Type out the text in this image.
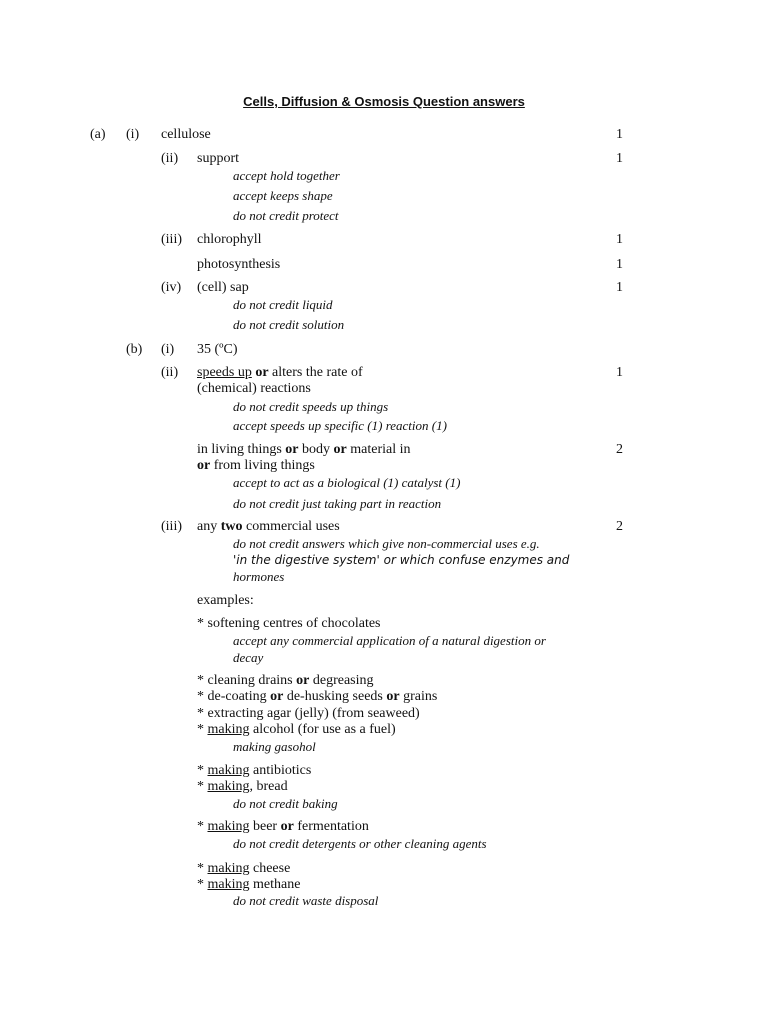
Cells, Diffusion & Osmosis Question answers
(a) (i) cellulose	1
(ii) support	1
accept hold together
accept keeps shape
do not credit protect
(iii) chlorophyll	1
photosynthesis	1
(iv) (cell) sap	1
do not credit liquid
do not credit solution
(b) (i) 35 (ºC)
(ii) speeds up or alters the rate of	1
(chemical) reactions
do not credit speeds up things
accept speeds up specific (1) reaction (1)
in living things or body or material in	2
or from living things
accept to act as a biological (1) catalyst (1)
do not credit just taking part in reaction
(iii) any two commercial uses	2
do not credit answers which give non-commercial uses e.g.
'in the digestive system' or which confuse enzymes and
hormones
examples:
* softening centres of chocolates
accept any commercial application of a natural digestion or
decay
* cleaning drains or degreasing
* de-coating or de-husking seeds or grains
* extracting agar (jelly) (from seaweed)
* making alcohol (for use as a fuel)
making gasohol
* making antibiotics
* making, bread
do not credit baking
* making beer or fermentation
do not credit detergents or other cleaning agents
* making cheese
* making methane
do not credit waste disposal
